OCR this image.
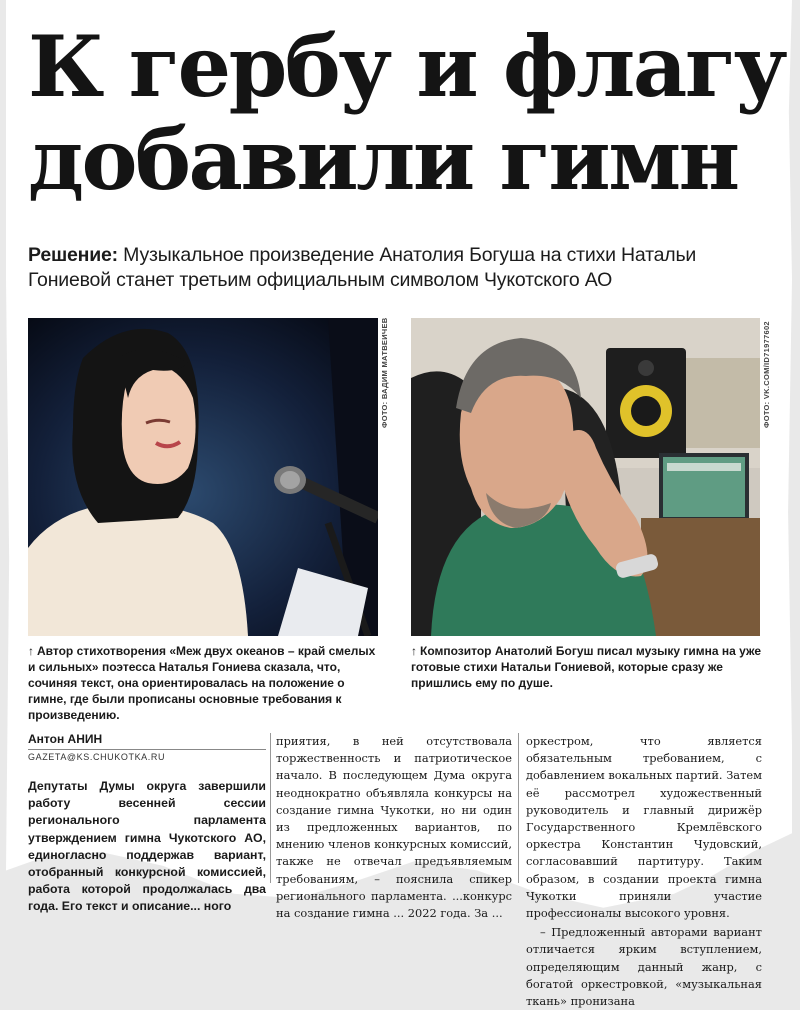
К гербу и флагу добавили гимн
Решение: Музыкальное произведение Анатолия Богуша на стихи Натальи Гониевой станет третьим официальным символом Чукотского АО
ФОТО: ВАДИМ МАТВЕИЧЕВ	ФОТО: VK.COM/ID71977602
↑ Автор стихотворения «Меж двух океанов – край смелых и сильных» поэтесса Наталья Гониева сказала, что, сочиняя текст, она ориентировалась на положение о гимне, где были прописаны основные требования к произведению.
↑ Композитор Анатолий Богуш писал музыку гимна на уже готовые стихи Натальи Гониевой, которые сразу же пришлись ему по душе.
Антон АНИН
GAZETA@KS.CHUKOTKA.RU

Депутаты Думы округа завершили работу весенней сессии регионального парламента утверждением гимна Чукотского АО, единогласно поддержав вариант, отобранный конкурсной комиссией, работа которой продолжалась два года. Его текст и описание... ного

приятия, в ней отсутствовала торжественность и патриотическое начало. В последующем Дума округа неоднократно объявляла конкурсы на создание гимна Чукотки, но ни один из предложенных вариантов, по мнению членов конкурсных комиссий, также не отвечал предъявляемым требованиям, – пояснила спикер регионального парламента. ...конкурс на создание гимна ... 2022 года. За ...

оркестром, что является обязательным требованием, с добавлением вокальных партий. Затем её рассмотрел художественный руководитель и главный дирижёр Государственного Кремлёвского оркестра Константин Чудовский, согласовавший партитуру. Таким образом, в создании проекта гимна Чукотки приняли участие профессионалы высокого уровня.

– Предложенный авторами вариант отличается ярким вступлением, определяющим данный жанр, с богатой оркестровкой, «музыкальная ткань» пронизана
